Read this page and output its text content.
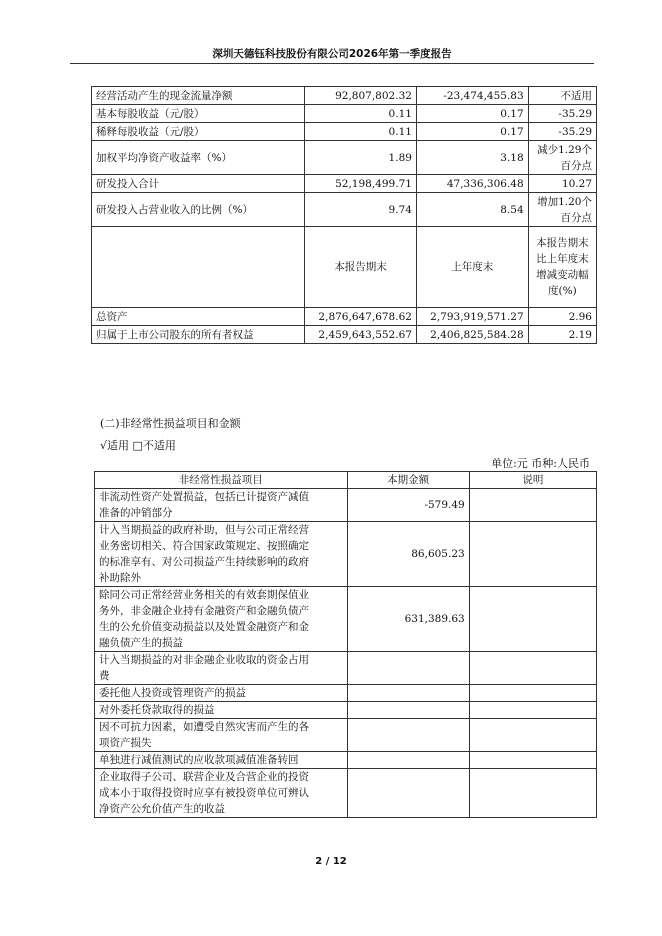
深圳天德钰科技股份有限公司2026年第一季度报告
经营活动产生的现金流量净额	92,807,802.32	-23,474,455.83	不适用

基本每股收益（元/股）	0.11	0.17	-35.29

稀释每股收益（元/股）	0.11	0.17	-35.29

加权平均净资产收益率（%）	1.89	3.18	减少1.29个
百分点

研发投入合计	52,198,499.71	47,336,306.48	10.27

研发投入占营业收入的比例（%）	9.74	8.54	增加1.20个
百分点

	本报告期末	上年度末	本报告期末
比上年度末
增减变动幅
度(%)

总资产	2,876,647,678.62	2,793,919,571.27	2.96

归属于上市公司股东的所有者权益	2,459,643,552.67	2,406,825,584.28	2.19
(二)非经常性损益项目和金额
√适用 □不适用
单位:元 币种:人民币
非经常性损益项目	本期金额	说明

非流动性资产处置损益，包括已计提资产减值
准备的冲销部分	-579.49	

计入当期损益的政府补助，但与公司正常经营
业务密切相关、符合国家政策规定、按照确定
的标准享有、对公司损益产生持续影响的政府
补助除外	86,605.23	

除同公司正常经营业务相关的有效套期保值业
务外，非金融企业持有金融资产和金融负债产
生的公允价值变动损益以及处置金融资产和金
融负债产生的损益	631,389.63	

计入当期损益的对非金融企业收取的资金占用
费		

委托他人投资或管理资产的损益		

对外委托贷款取得的损益		

因不可抗力因素，如遭受自然灾害而产生的各
项资产损失		

单独进行减值测试的应收款项减值准备转回		

企业取得子公司、联营企业及合营企业的投资
成本小于取得投资时应享有被投资单位可辨认
净资产公允价值产生的收益		

2 / 12
